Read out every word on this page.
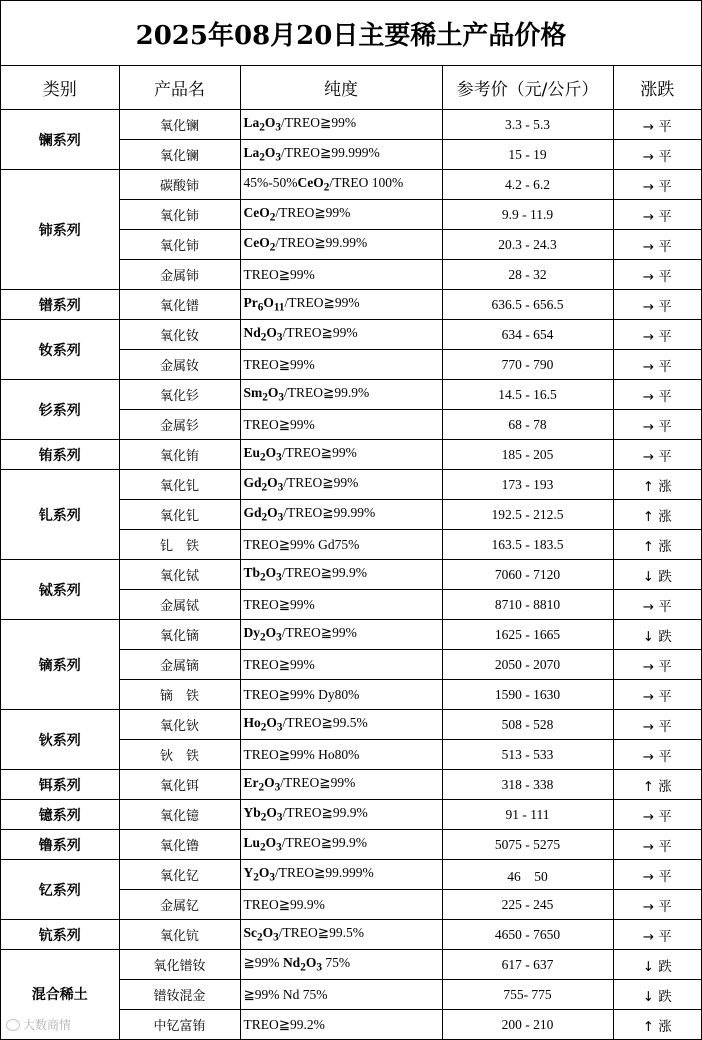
2025年08月20日主要稀土产品价格
类别	产品名	纯度	参考价（元/公斤）	涨跌
镧系列	氧化镧	$La_2O_3/TREO≧99\%$	3.3 - 5.3	→ 平
	氧化镧	$La_2O_3/TREO≧99.999\%$	15 - 19	→ 平
铈系列	碳酸铈	45%-50%CeO$_2$/TREO 100%	4.2 - 6.2	→ 平
	氧化铈	CeO$_2$/TREO≧99%	9.9 - 11.9	→ 平
	氧化铈	CeO$_2$/TREO≧99.99%	20.3 - 24.3	→ 平
	金属铈	TREO≧99%	28 - 32	→ 平
镨系列	氧化镨	$Pr_6O_{11}/TREO≧99\%$	636.5 - 656.5	→ 平
钕系列	氧化钕	$Nd_2O_3/TREO≧99\%$	634 - 654	→ 平
	金属钕	TREO≧99%	770 - 790	→ 平
钐系列	氧化钐	$Sm_2O_3/TREO≧99.9\%$	14.5 - 16.5	→ 平
	金属钐	TREO≧99%	68 - 78	→ 平
铕系列	氧化铕	$Eu_2O_3/TREO≧99\%$	185 - 205	→ 平
钆系列	氧化钆	$Gd_2O_3/TREO≧99\%$	173 - 193	↑ 涨
	氧化钆	$Gd_2O_3/TREO≧99.99\%$	192.5 - 212.5	↑ 涨
	钆　铁	TREO≧99% Gd75%	163.5 - 183.5	↑ 涨
铽系列	氧化铽	$Tb_2O_3/TREO≧99.9\%$	7060 - 7120	↓ 跌
	金属铽	TREO≧99%	8710 - 8810	→ 平
镝系列	氧化镝	$Dy_2O_3/TREO≧99\%$	1625 - 1665	↓ 跌
	金属镝	TREO≧99%	2050 - 2070	→ 平
	镝　铁	TREO≧99% Dy80%	1590 - 1630	→ 平
钬系列	氧化钬	$Ho_2O_3/TREO≧99.5\%$	508 - 528	→ 平
	钬　铁	TREO≧99% Ho80%	513 - 533	→ 平
铒系列	氧化铒	$Er_2O_3/TREO≧99\%$	318 - 338	↑ 涨
镱系列	氧化镱	$Yb_2O_3/TREO≧99.9\%$	91 - 111	→ 平
镥系列	氧化镥	$Lu_2O_3/TREO≧99.9\%$	5075 - 5275	→ 平
钇系列	氧化钇	$Y_2O_3/TREO≧99.999\%$	46　50	→ 平
	金属钇	TREO≧99.9%	225 - 245	→ 平
钪系列	氧化钪	$Sc_2O_3/TREO≧99.5\%$	4650 - 7650	→ 平
混合稀土	氧化镨钕	≧99% $Nd_2O_3$ 75%	617 - 637	↓ 跌
	镨钕混金	≧99% Nd 75%	755- 775	↓ 跌
	中钇富铕	TREO≧99.2%	200 - 210	↑ 涨
大数商情
